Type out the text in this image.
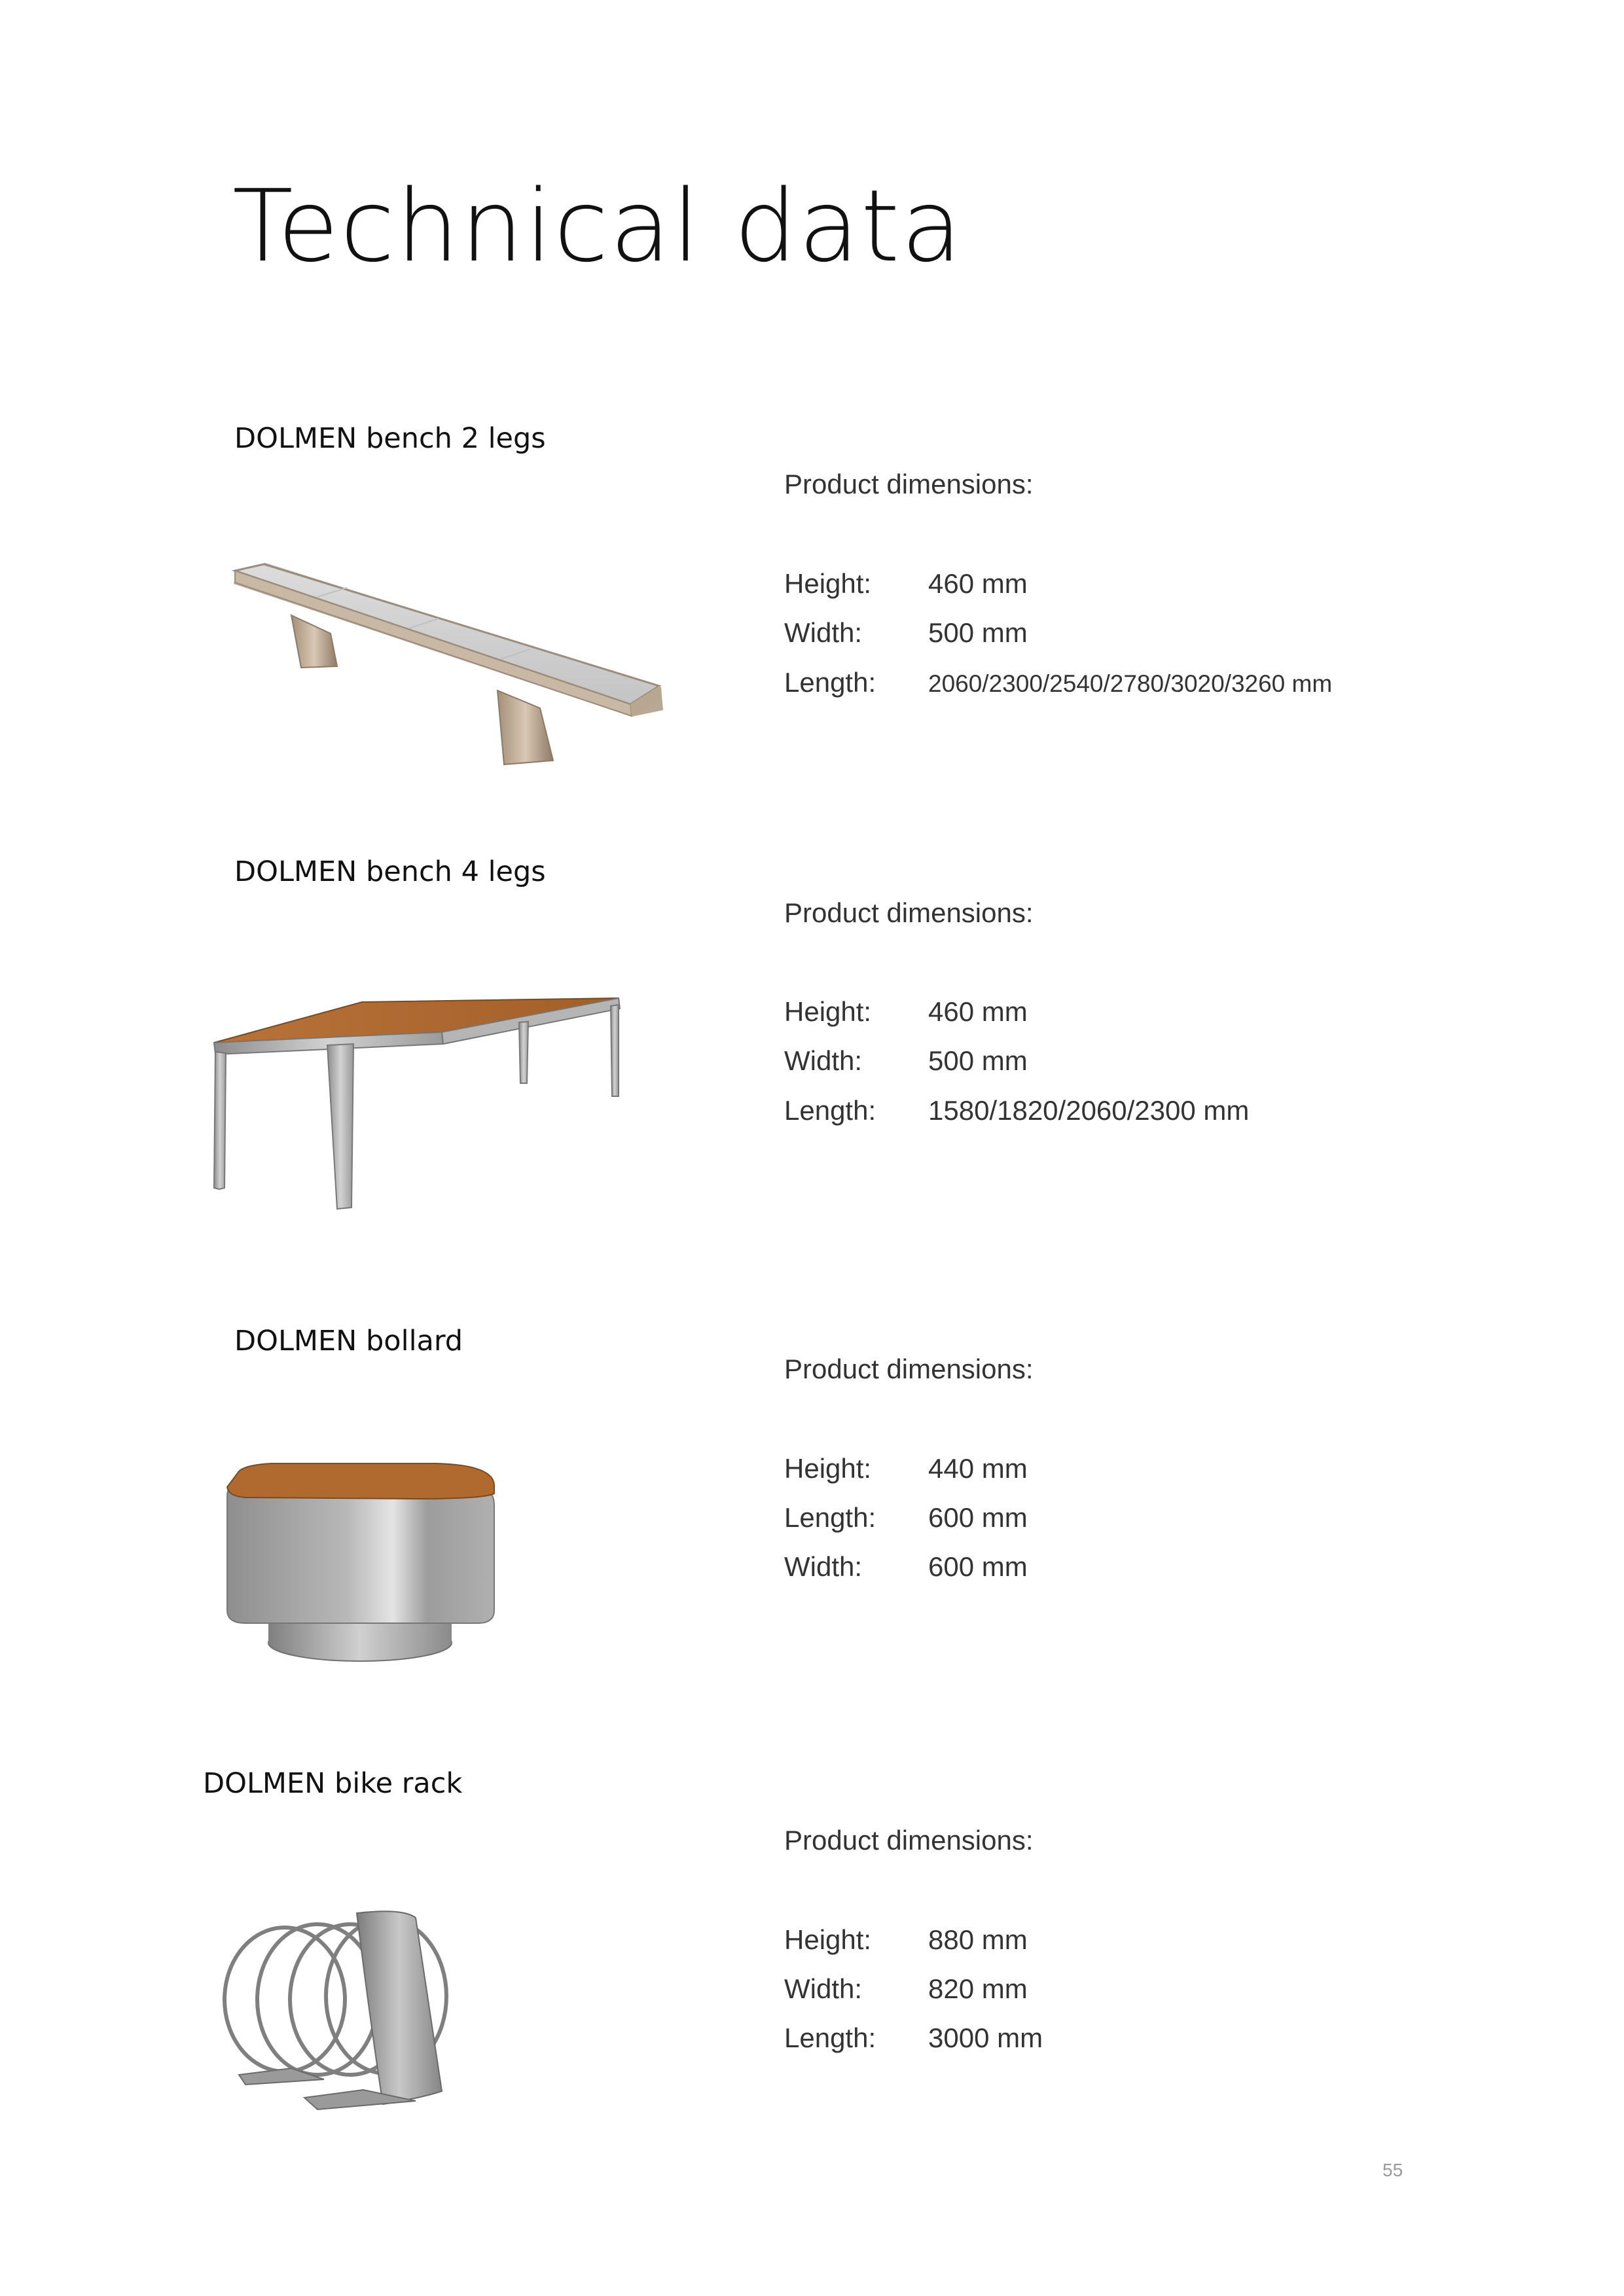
Technical data
DOLMEN bench 2 legs
Product dimensions:
Height: 460 mm
Width: 500 mm
Length: 2060/2300/2540/2780/3020/3260 mm
DOLMEN bench 4 legs
Product dimensions:
Height: 460 mm
Width: 500 mm
Length: 1580/1820/2060/2300 mm
DOLMEN bollard
Product dimensions:
Height: 440 mm
Length: 600 mm
Width: 600 mm
DOLMEN bike rack
Product dimensions:
Height: 880 mm
Width: 820 mm
Length: 3000 mm
55
